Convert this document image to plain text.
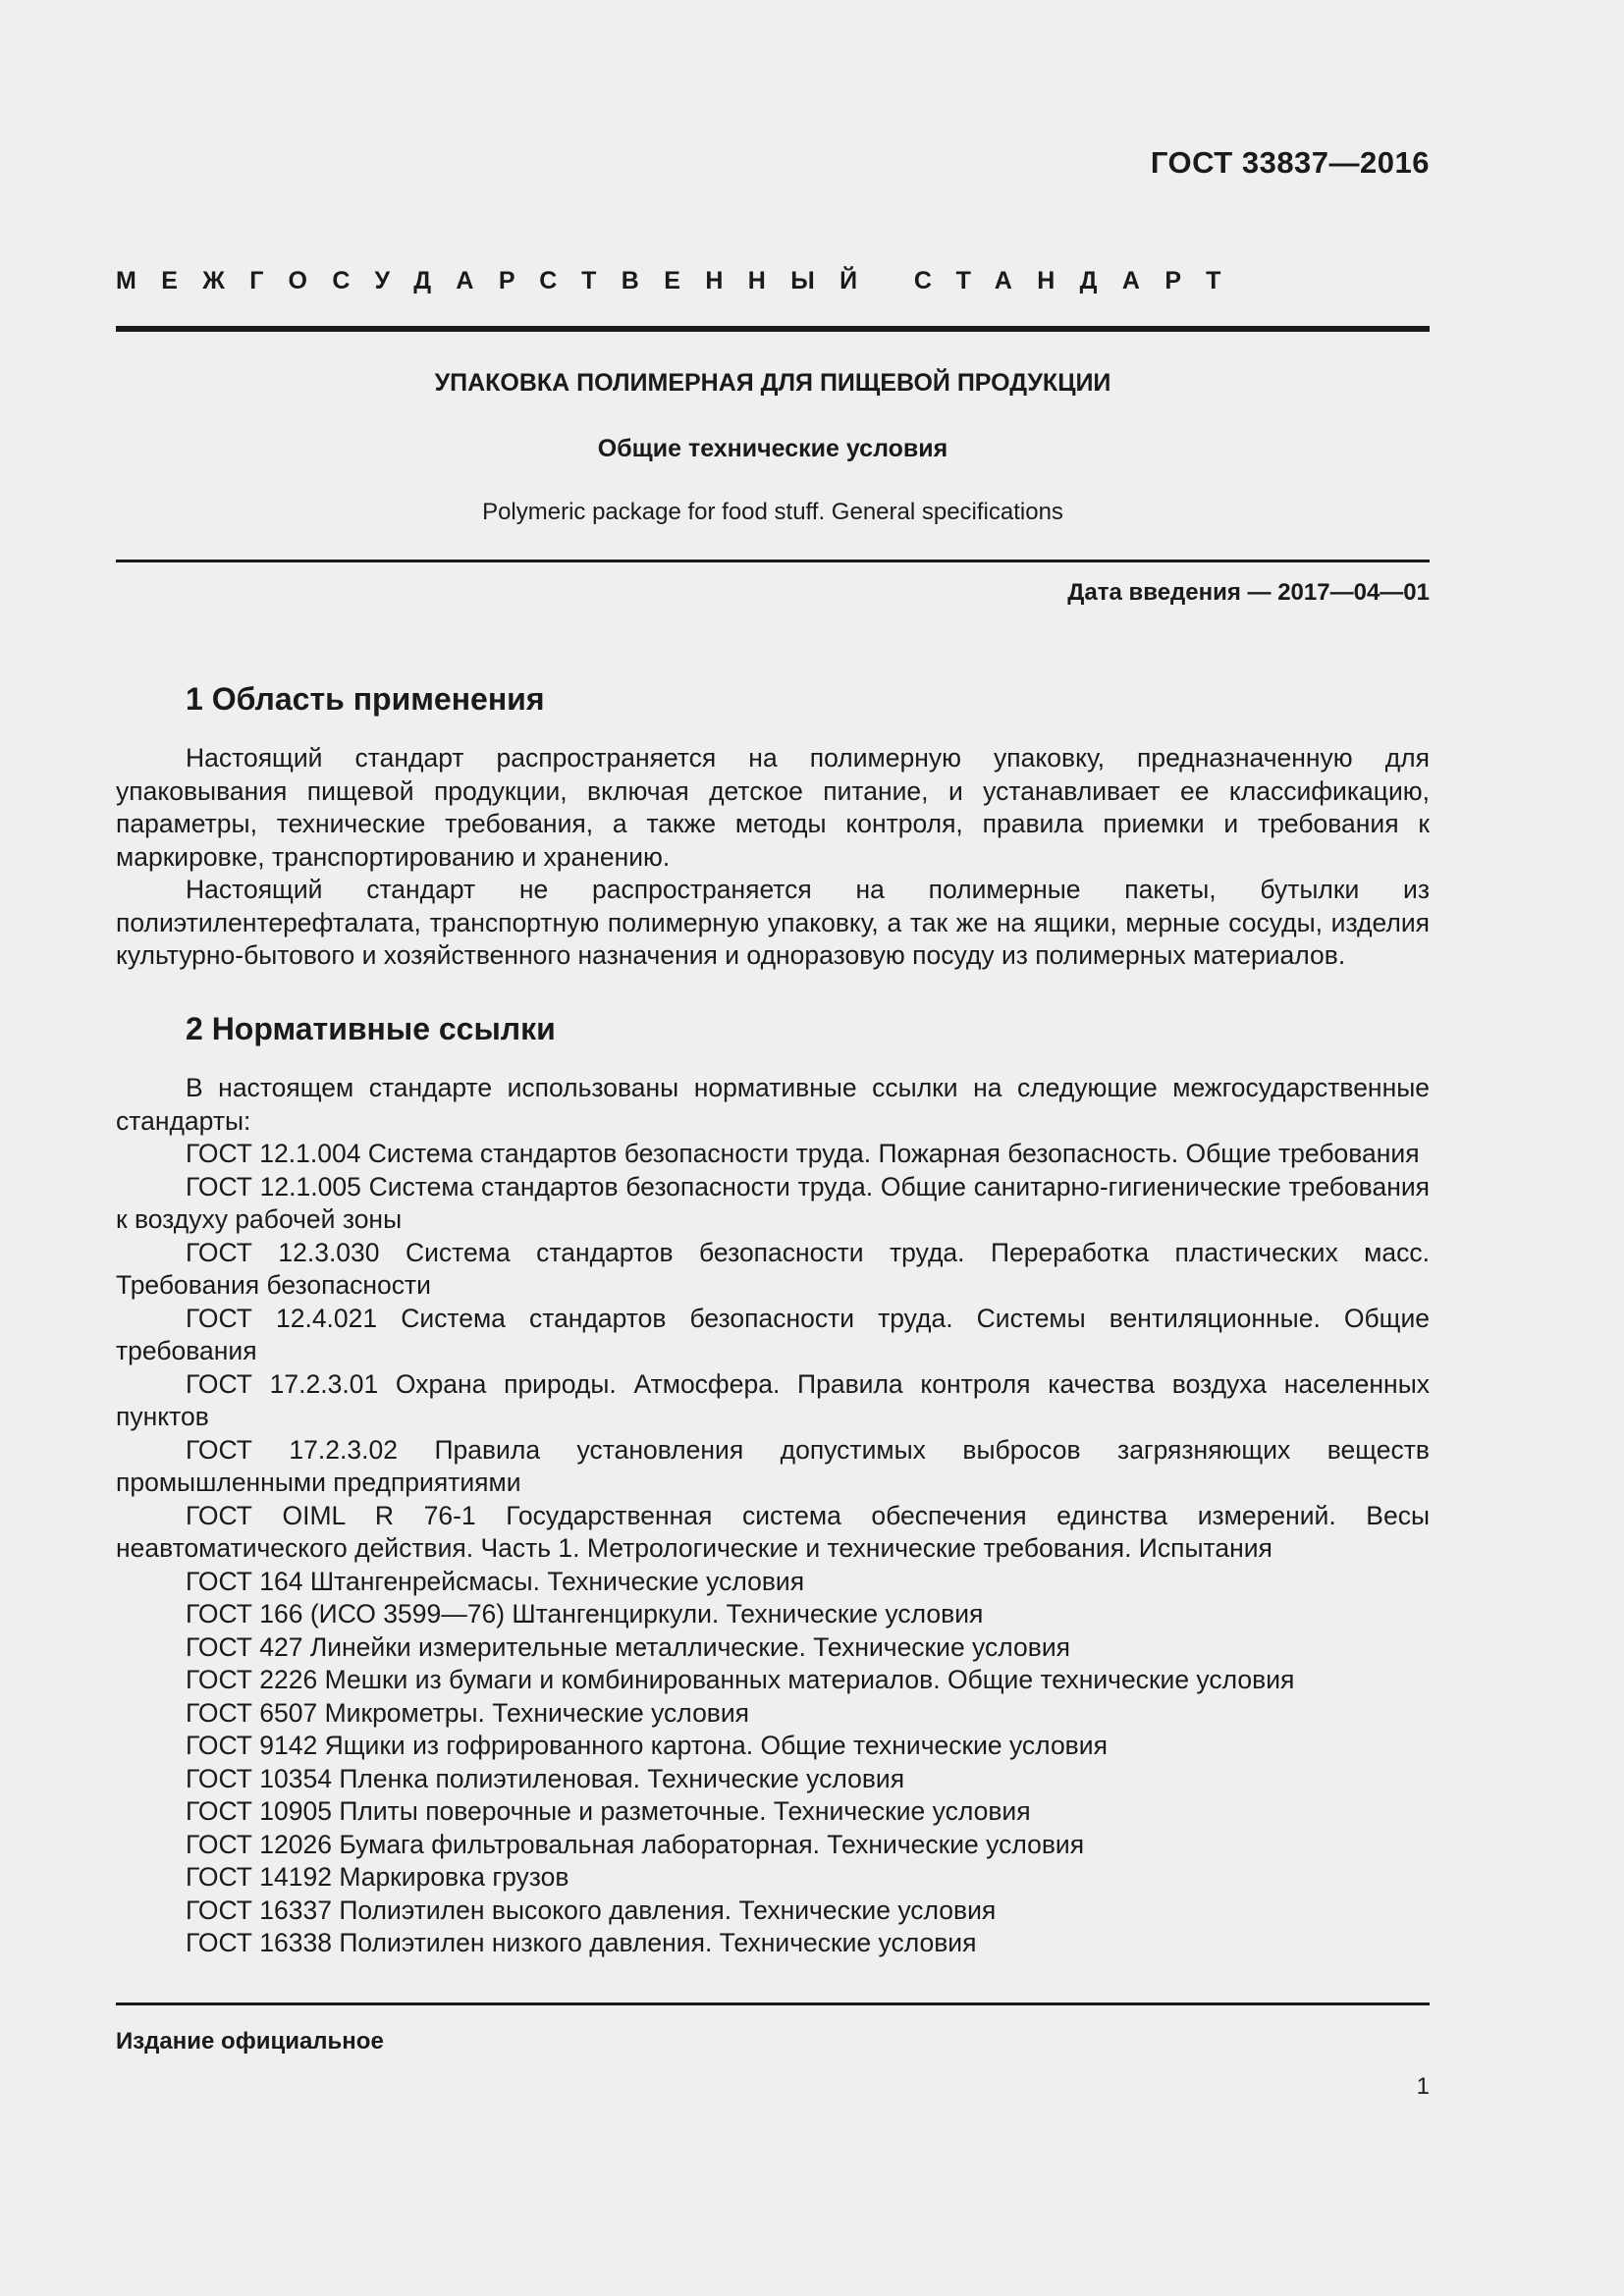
ГОСТ 33837—2016
МЕЖГОСУДАРСТВЕННЫЙ СТАНДАРТ
УПАКОВКА ПОЛИМЕРНАЯ ДЛЯ ПИЩЕВОЙ ПРОДУКЦИИ
Общие технические условия
Polymeric package for food stuff. General specifications
Дата введения — 2017—04—01
1 Область применения

Настоящий стандарт распространяется на полимерную упаковку, предназначенную для упаковывания пищевой продукции, включая детское питание, и устанавливает ее классификацию, параметры, технические требования, а также методы контроля, правила приемки и требования к маркировке, транспортированию и хранению.

Настоящий стандарт не распространяется на полимерные пакеты, бутылки из полиэтилентерефталата, транспортную полимерную упаковку, а так же на ящики, мерные сосуды, изделия культурно-бытового и хозяйственного назначения и одноразовую посуду из полимерных материалов.

2 Нормативные ссылки

В настоящем стандарте использованы нормативные ссылки на следующие межгосударственные стандарты:

ГОСТ 12.1.004 Система стандартов безопасности труда. Пожарная безопасность. Общие требования
ГОСТ 12.1.005 Система стандартов безопасности труда. Общие санитарно-гигиенические требования к воздуху рабочей зоны
ГОСТ 12.3.030 Система стандартов безопасности труда. Переработка пластических масс. Требования безопасности
ГОСТ 12.4.021 Система стандартов безопасности труда. Системы вентиляционные. Общие требования
ГОСТ 17.2.3.01 Охрана природы. Атмосфера. Правила контроля качества воздуха населенных пунктов
ГОСТ 17.2.3.02 Правила установления допустимых выбросов загрязняющих веществ промышленными предприятиями
ГОСТ OIML R 76-1 Государственная система обеспечения единства измерений. Весы неавтоматического действия. Часть 1. Метрологические и технические требования. Испытания
ГОСТ 164 Штангенрейсмасы. Технические условия
ГОСТ 166 (ИСО 3599—76) Штангенциркули. Технические условия
ГОСТ 427 Линейки измерительные металлические. Технические условия
ГОСТ 2226 Мешки из бумаги и комбинированных материалов. Общие технические условия
ГОСТ 6507 Микрометры. Технические условия
ГОСТ 9142 Ящики из гофрированного картона. Общие технические условия
ГОСТ 10354 Пленка полиэтиленовая. Технические условия
ГОСТ 10905 Плиты поверочные и разметочные. Технические условия
ГОСТ 12026 Бумага фильтровальная лабораторная. Технические условия
ГОСТ 14192 Маркировка грузов
ГОСТ 16337 Полиэтилен высокого давления. Технические условия
ГОСТ 16338 Полиэтилен низкого давления. Технические условия
Издание официальное
1
